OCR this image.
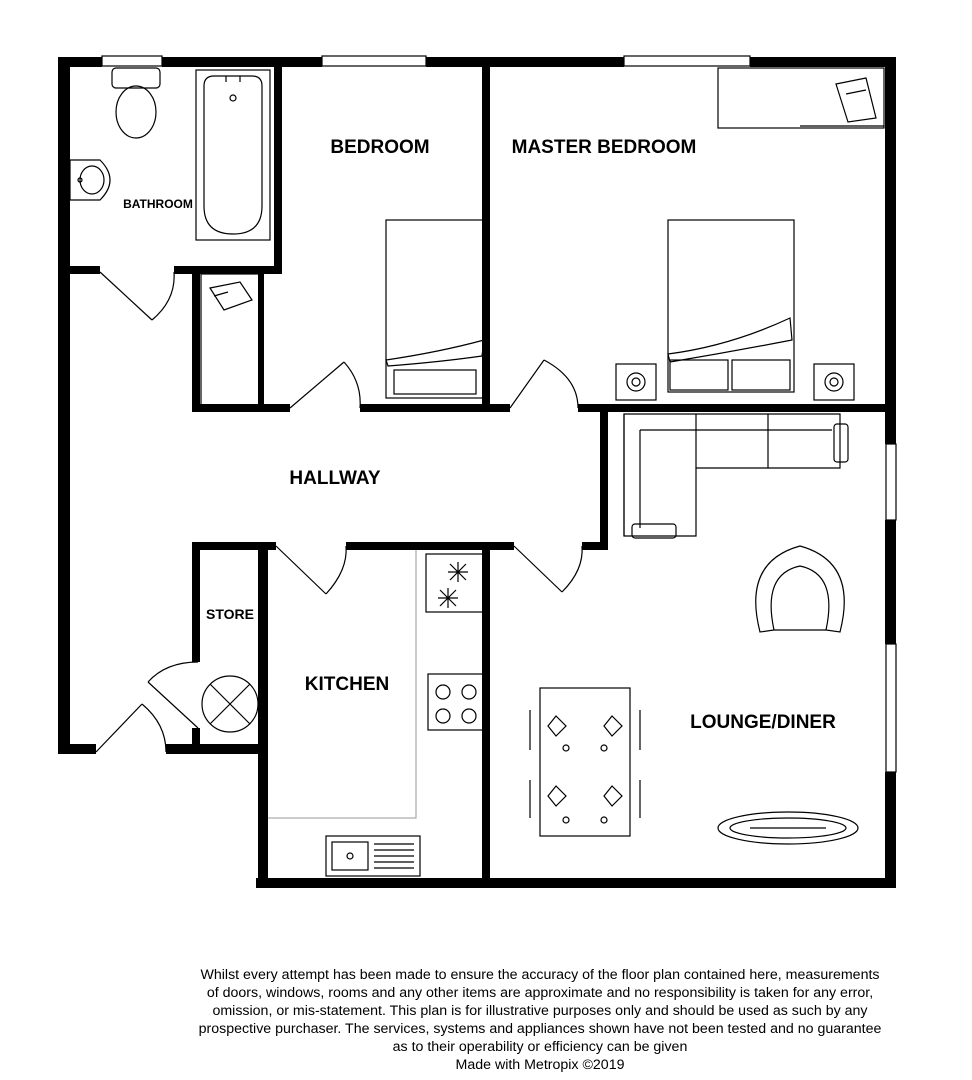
BATHROOM
BEDROOM	MASTER BEDROOM
HALLWAY
STORE
KITCHEN
LOUNGE/DINER
Whilst every attempt has been made to ensure the accuracy of the floor plan contained here, measurements
of doors, windows, rooms and any other items are approximate and no responsibility is taken for any error,
omission, or mis-statement. This plan is for illustrative purposes only and should be used as such by any
prospective purchaser. The services, systems and appliances shown have not been tested and no guarantee
as to their operability or efficiency can be given
Made with Metropix ©2019
